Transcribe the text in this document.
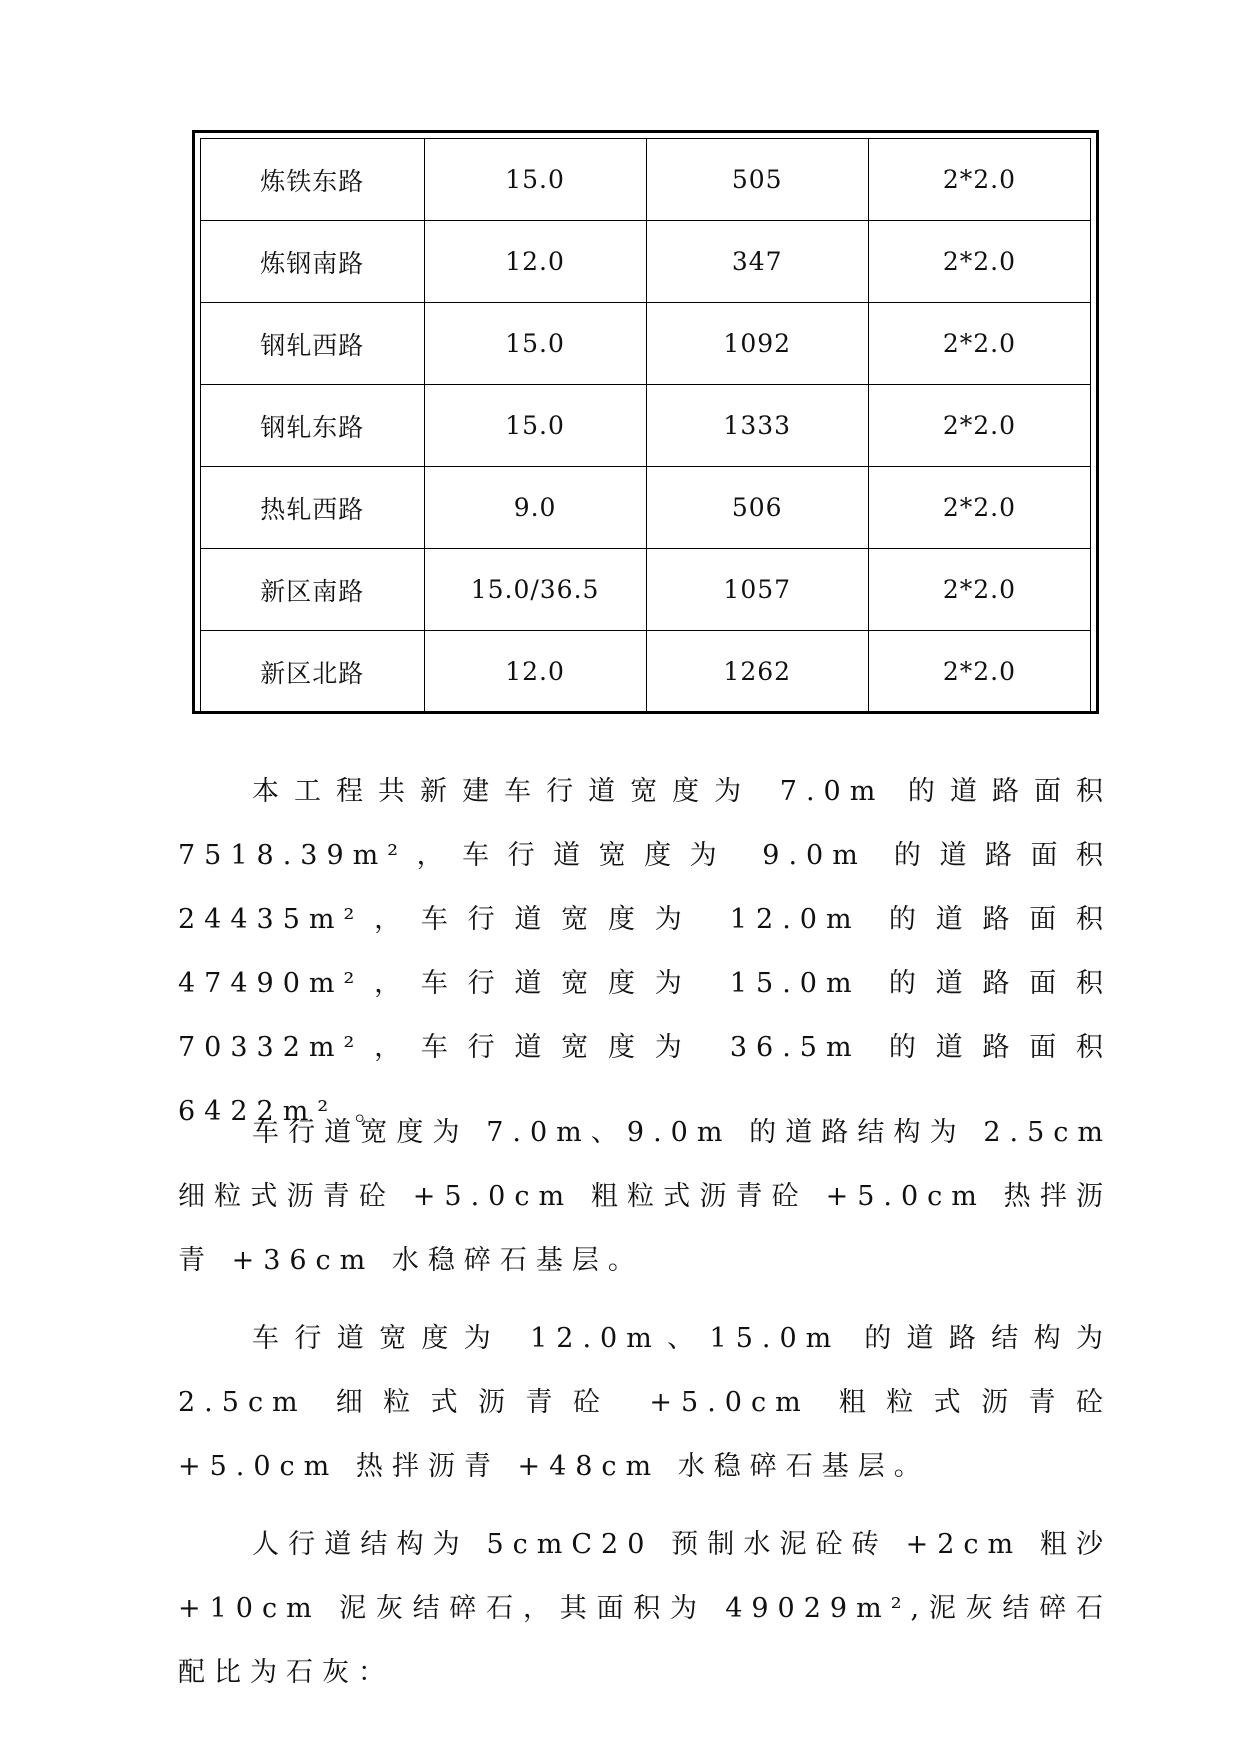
炼铁东路	15.0	505	2*2.0
炼钢南路	12.0	347	2*2.0
钢轧西路	15.0	1092	2*2.0
钢轧东路	15.0	1333	2*2.0
热轧西路	9.0	506	2*2.0
新区南路	15.0/36.5	1057	2*2.0
新区北路	12.0	1262	2*2.0

本工程共新建车行道宽度为 7.0m 的道路面积 7518.39m²，车行道宽度为 9.0m 的道路面积 24435m²，车行道宽度为 12.0m 的道路面积 47490m²，车行道宽度为 15.0m 的道路面积 70332m²，车行道宽度为 36.5m 的道路面积 6422m² 。

车行道宽度为 7.0m、9.0m 的道路结构为 2.5cm 细粒式沥青砼 +5.0cm 粗粒式沥青砼 +5.0cm 热拌沥青 +36cm 水稳碎石基层。

车行道宽度为 12.0m、15.0m 的道路结构为 2.5cm 细粒式沥青砼 +5.0cm 粗粒式沥青砼 +5.0cm 热拌沥青 +48cm 水稳碎石基层。

人行道结构为 5cmC20 预制水泥砼砖 +2cm 粗沙 +10cm 泥灰结碎石，其面积为 49029m²,泥灰结碎石配比为石灰：
